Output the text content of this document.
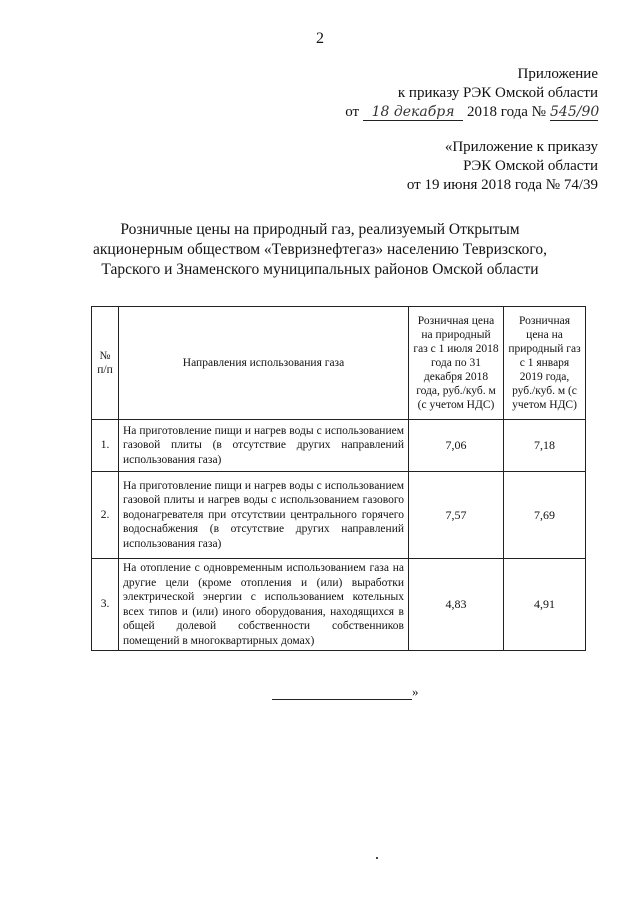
2
Приложение
к приказу РЭК Омской области
от 18 декабря 2018 года № 545/90
«Приложение к приказу
РЭК Омской области
от 19 июня 2018 года № 74/39
Розничные цены на природный газ, реализуемый Открытым акционерным обществом «Тевризнефтегаз» населению Тевризского, Тарского и Знаменского муниципальных районов Омской области
№ п/п	Направления использования газа	Розничная цена на природный газ с 1 июля 2018 года по 31 декабря 2018 года, руб./куб. м (с учетом НДС)	Розничная цена на природный газ с 1 января 2019 года, руб./куб. м (с учетом НДС)
1.	На приготовление пищи и нагрев воды с использованием газовой плиты (в отсутствие других направлений использования газа)	7,06	7,18
2.	На приготовление пищи и нагрев воды с использованием газовой плиты и нагрев воды с использованием газового водонагревателя при отсутствии центрального горячего водоснабжения (в отсутствие других направлений использования газа)	7,57	7,69
3.	На отопление с одновременным использованием газа на другие цели (кроме отопления и (или) выработки электрической энергии с использованием котельных всех типов и (или) иного оборудования, находящихся в общей долевой собственности собственников помещений в многоквартирных домах)	4,83	4,91
»
